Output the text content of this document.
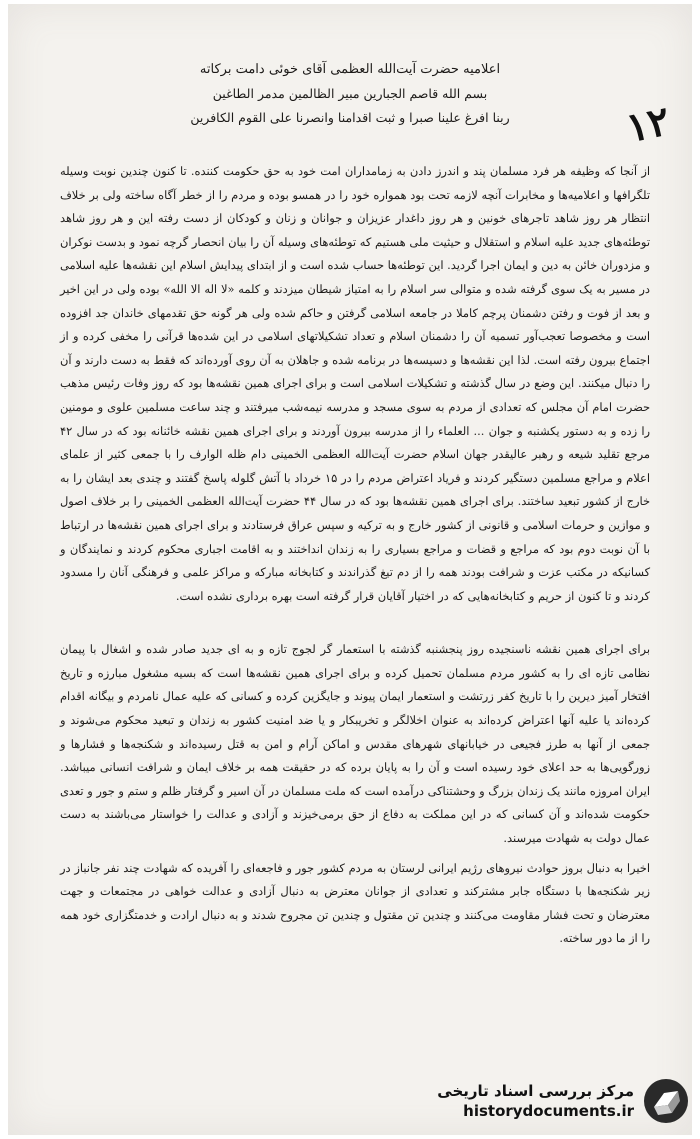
اعلامیه حضرت آیت‌الله العظمی آقای خوئی دامت برکاته
بسم الله قاصم الجبارین مبیر الظالمین مدمر الطاغین
ربنا افرغ علینا صبرا و ثبت اقدامنا وانصرنا علی القوم الکافرین	۱۲

از آنجا که وظیفه هر فرد مسلمان پند و اندرز دادن به زمامداران امت خود به حق حکومت کننده. تا کنون چندین نوبت وسیله تلگرافها و اعلامیه‌ها و مخابرات آنچه لازمه تحت بود همواره خود را در همسو بوده و مردم را از خطر آگاه ساخته ولی بر خلاف انتظار هر روز شاهد تاجرهای خونین و هر روز داغدار عزیزان و جوانان و زنان و کودکان از دست رفته این و هر روز شاهد توطئه‌های جدید علیه اسلام و استقلال و حیثیت ملی هستیم که توطئه‌های وسیله آن را بیان انحصار گرچه نمود و بدست نوکران و مزدوران خائن به دین و ایمان اجرا گردید. این توطئه‌ها حساب شده است و از ابتدای پیدایش اسلام این نقشه‌ها علیه اسلامی در مسیر به یک سوی گرفته شده و متوالی سر اسلام را به امتیاز شیطان میزدند و کلمه «لا اله الا الله» بوده ولی در این اخیر و بعد از فوت و رفتن دشمنان پرچم کاملا در جامعه اسلامی گرفتن و حاکم شده ولی هر گونه حق تقدمهای خاندان جد افزوده است و مخصوصا تعجب‌آور تسمیه آن را دشمنان اسلام و تعداد تشکیلاتهای اسلامی در این شده‌ها قرآنی را مخفی کرده و از اجتماع بیرون رفته است. لذا این نقشه‌ها و دسیسه‌ها در برنامه شده و جاهلان به آن روی آورده‌اند که فقط به دست دارند و آن را دنبال میکنند. این وضع در سال گذشته و تشکیلات اسلامی است و برای اجرای همین نقشه‌ها بود که روز وفات رئیس مذهب حضرت امام آن مجلس که تعدادی از مردم به سوی مسجد و مدرسه نیمه‌شب میرفتند و چند ساعت مسلمین علوی و مومنین را زده و به دستور یکشنبه و جوان ... العلماء را از مدرسه بیرون آوردند و برای اجرای همین نقشه خائنانه بود که در سال ۴۲ مرجع تقلید شیعه و رهبر عالیقدر جهان اسلام حضرت آیت‌الله العظمی الخمینی دام ظله الوارف را با جمعی کثیر از علمای اعلام و مراجع مسلمین دستگیر کردند و فریاد اعتراض مردم را در ۱۵ خرداد با آتش گلوله پاسخ گفتند و چندی بعد ایشان را به خارج از کشور تبعید ساختند. برای اجرای همین نقشه‌ها بود که در سال ۴۴ حضرت آیت‌الله العظمی الخمینی را بر خلاف اصول و موازین و حرمات اسلامی و قانونی از کشور خارج و به ترکیه و سپس عراق فرستادند و برای اجرای همین نقشه‌ها در ارتباط با آن نوبت دوم بود که مراجع و قضات و مراجع بسیاری را به زندان انداختند و به اقامت اجباری محکوم کردند و نمایندگان و کسانیکه در مکتب عزت و شرافت بودند همه را از دم تیغ گذراندند و کتابخانه مبارکه و مراکز علمی و فرهنگی آنان را مسدود کردند و تا کنون از حریم و کتابخانه‌هایی که در اختیار آقایان قرار گرفته است بهره برداری نشده است.

برای اجرای همین نقشه ناسنجیده روز پنجشنبه گذشته با استعمار گر لجوج تازه و به ای جدید صادر شده و اشغال با پیمان نظامی تازه ای را به کشور مردم مسلمان تحمیل کرده و برای اجرای همین نقشه‌ها است که بسیه مشغول مبارزه و تاریخ افتخار آمیز دیرین را با تاریخ کفر زرتشت و استعمار ایمان پیوند و جایگزین کرده و کسانی که علیه عمال نامردم و بیگانه اقدام کرده‌اند یا علیه آنها اعتراض کرده‌اند به عنوان اخلالگر و تخریبکار و یا ضد امنیت کشور به زندان و تبعید محکوم می‌شوند و جمعی از آنها به طرز فجیعی در خیابانهای شهرهای مقدس و اماکن آرام و امن به قتل رسیده‌اند و شکنجه‌ها و فشارها و زورگویی‌ها به حد اعلای خود رسیده است و آن را به پایان برده که در حقیقت همه بر خلاف ایمان و شرافت انسانی میباشد. ایران امروزه مانند یک زندان بزرگ و وحشتناکی درآمده است که ملت مسلمان در آن اسیر و گرفتار ظلم و ستم و جور و تعدی حکومت شده‌اند و آن کسانی که در این مملکت به دفاع از حق برمی‌خیزند و آزادی و عدالت را خواستار می‌باشند به دست عمال دولت به شهادت میرسند.

اخیرا به دنبال بروز حوادث نیروهای رژیم ایرانی لرستان به مردم کشور جور و فاجعه‌ای را آفریده که شهادت چند نفر جانباز در زیر شکنجه‌ها با دستگاه جابر مشترکند و تعدادی از جوانان معترض به دنبال آزادی و عدالت خواهی در مجتمعات و جهت معترضان و تحت فشار مقاومت می‌کنند و چندین تن مقتول و چندین تن مجروح شدند و به دنبال ارادت و خدمتگزاری خود همه را از ما دور ساخته.

مرکز بررسی اسناد تاریخی
historydocuments.ir
